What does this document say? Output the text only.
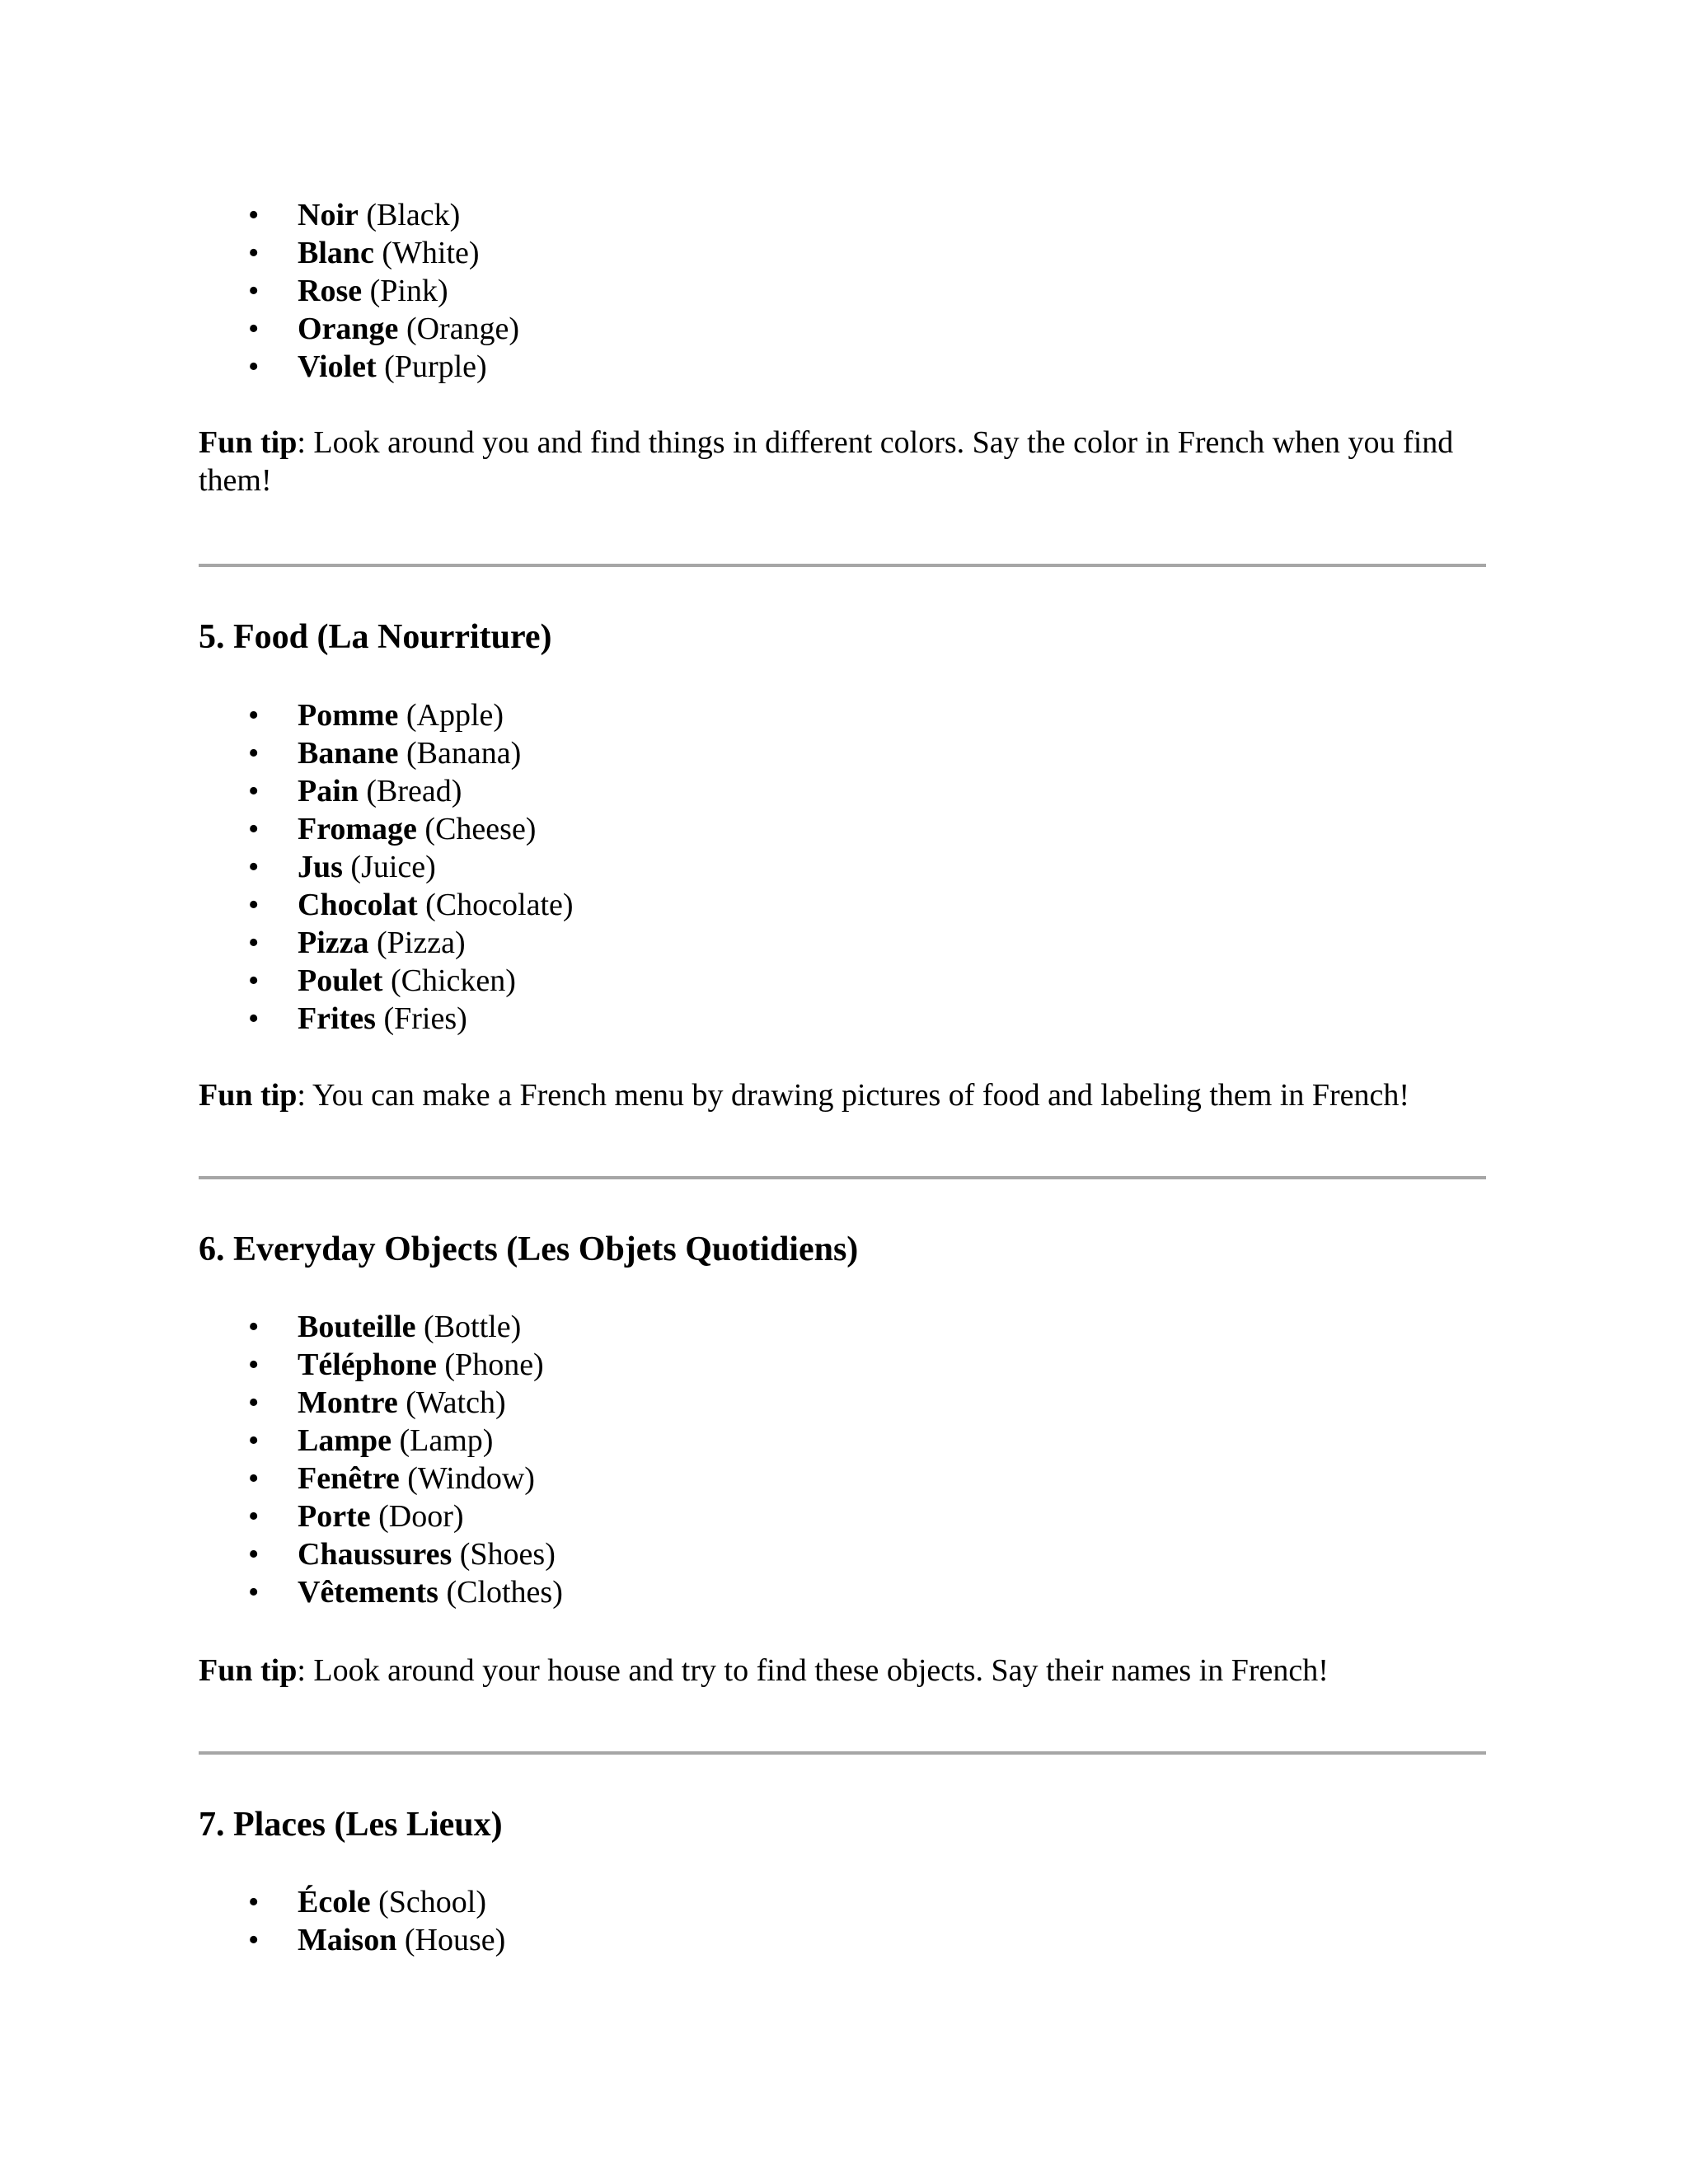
•	Noir (Black)
•	Blanc (White)
•	Rose (Pink)
•	Orange (Orange)
•	Violet (Purple)

Fun tip: Look around you and find things in different colors. Say the color in French when you find them!

5. Food (La Nourriture)
•	Pomme (Apple)
•	Banane (Banana)
•	Pain (Bread)
•	Fromage (Cheese)
•	Jus (Juice)
•	Chocolat (Chocolate)
•	Pizza (Pizza)
•	Poulet (Chicken)
•	Frites (Fries)

Fun tip: You can make a French menu by drawing pictures of food and labeling them in French!

6. Everyday Objects (Les Objets Quotidiens)
•	Bouteille (Bottle)
•	Téléphone (Phone)
•	Montre (Watch)
•	Lampe (Lamp)
•	Fenêtre (Window)
•	Porte (Door)
•	Chaussures (Shoes)
•	Vêtements (Clothes)

Fun tip: Look around your house and try to find these objects. Say their names in French!

7. Places (Les Lieux)
•	École (School)
•	Maison (House)
